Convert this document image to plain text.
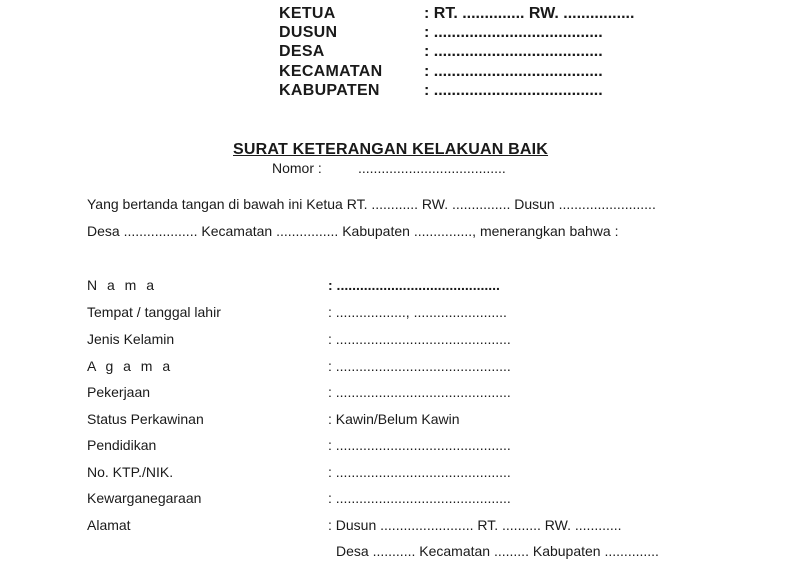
KETUA	: RT. .............. RW. ................
DUSUN	: ......................................
DESA	: ......................................
KECAMATAN	: ......................................
KABUPATEN	: ......................................
SURAT KETERANGAN KELAKUAN BAIK
Nomor :	......................................
Yang bertanda tangan di bawah ini Ketua RT. ............ RW. ............... Dusun .........................
Desa ................... Kecamatan ................ Kabupaten ..............., menerangkan bahwa :
N a m a	: ..........................................
Tempat / tanggal lahir	: .................., ........................
Jenis Kelamin	: .............................................
A g a m a	: .............................................
Pekerjaan	: .............................................
Status Perkawinan	: Kawin/Belum Kawin
Pendidikan	: .............................................
No. KTP./NIK.	: .............................................
Kewarganegaraan	: .............................................
Alamat	: Dusun ........................ RT. .......... RW. ............
Desa ........... Kecamatan ......... Kabupaten ..............
